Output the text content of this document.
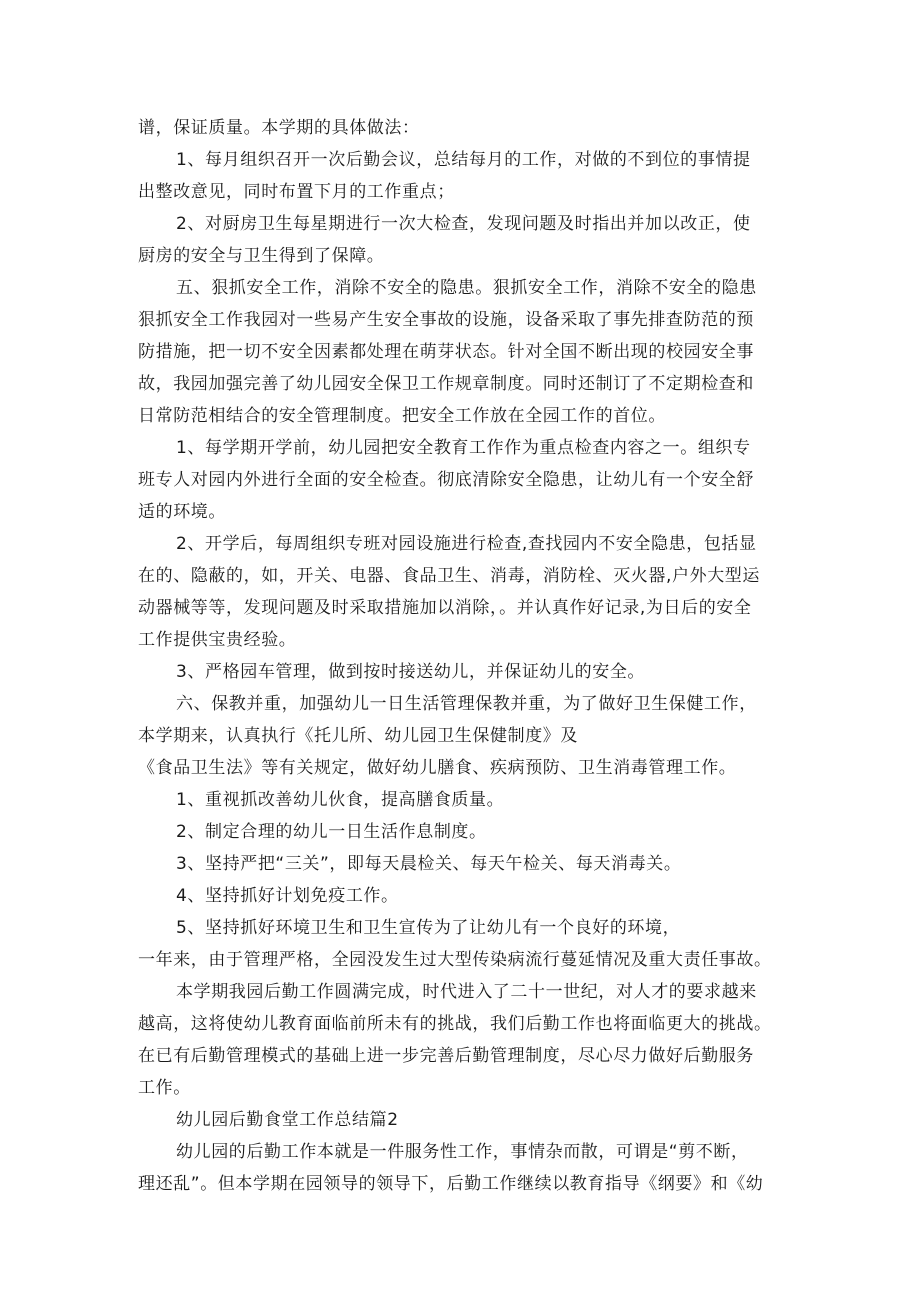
谱，保证质量。本学期的具体做法：
1、每月组织召开一次后勤会议，总结每月的工作，对做的不到位的事情提
出整改意见，同时布置下月的工作重点；
2、对厨房卫生每星期进行一次大检查，发现问题及时指出并加以改正，使
厨房的安全与卫生得到了保障。
五、狠抓安全工作，消除不安全的隐患。狠抓安全工作，消除不安全的隐患
狠抓安全工作我园对一些易产生安全事故的设施，设备采取了事先排查防范的预
防措施，把一切不安全因素都处理在萌芽状态。针对全国不断出现的校园安全事
故，我园加强完善了幼儿园安全保卫工作规章制度。同时还制订了不定期检查和
日常防范相结合的安全管理制度。把安全工作放在全园工作的首位。
1、每学期开学前，幼儿园把安全教育工作作为重点检查内容之一。组织专
班专人对园内外进行全面的安全检查。彻底清除安全隐患，让幼儿有一个安全舒
适的环境。
2、开学后，每周组织专班对园设施进行检查,查找园内不安全隐患，包括显
在的、隐蔽的，如，开关、电器、食品卫生、消毒，消防栓、灭火器,户外大型运
动器械等等，发现问题及时采取措施加以消除，。并认真作好记录,为日后的安全
工作提供宝贵经验。
3、严格园车管理，做到按时接送幼儿，并保证幼儿的安全。
六、保教并重，加强幼儿一日生活管理保教并重，为了做好卫生保健工作，
本学期来，认真执行《托儿所、幼儿园卫生保健制度》及
《食品卫生法》等有关规定，做好幼儿膳食、疾病预防、卫生消毒管理工作。
1、重视抓改善幼儿伙食，提高膳食质量。
2、制定合理的幼儿一日生活作息制度。
3、坚持严把“三关”，即每天晨检关、每天午检关、每天消毒关。
4、坚持抓好计划免疫工作。
5、坚持抓好环境卫生和卫生宣传为了让幼儿有一个良好的环境，
一年来，由于管理严格，全园没发生过大型传染病流行蔓延情况及重大责任事故。
本学期我园后勤工作圆满完成，时代进入了二十一世纪，对人才的要求越来
越高，这将使幼儿教育面临前所未有的挑战，我们后勤工作也将面临更大的挑战。
在已有后勤管理模式的基础上进一步完善后勤管理制度，尽心尽力做好后勤服务
工作。
幼儿园后勤食堂工作总结篇2
幼儿园的后勤工作本就是一件服务性工作，事情杂而散，可谓是“剪不断，
理还乱”。但本学期在园领导的领导下，后勤工作继续以教育指导《纲要》和《幼
